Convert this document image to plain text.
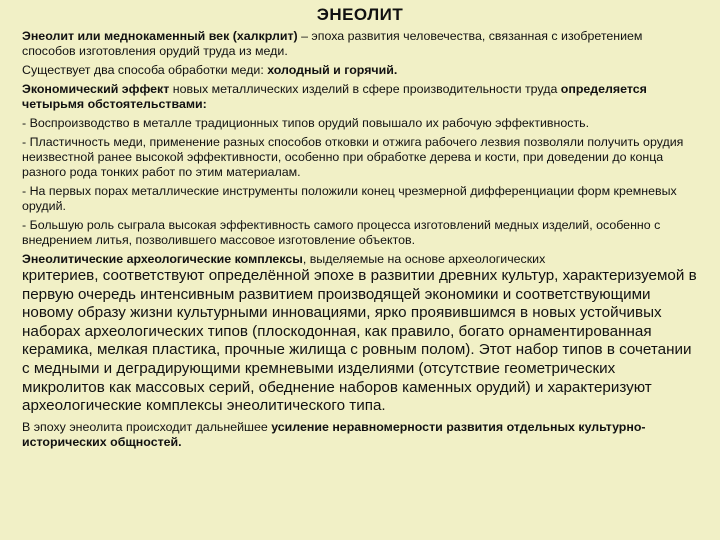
ЭНЕОЛИТ

Энеолит или меднокаменный век (халкрлит) – эпоха развития человечества, связанная с изобретением способов изготовления орудий труда из меди.

Существует два способа обработки меди: холодный и горячий.

Экономический эффект новых металлических изделий в сфере производительности труда определяется четырьмя обстоятельствами:

- Воспроизводство в металле традиционных типов орудий повышало их рабочую эффективность.

- Пластичность меди, применение разных способов отковки и отжига рабочего лезвия позволяли получить орудия неизвестной ранее высокой эффективности, особенно при обработке дерева и кости, при доведении до конца разного рода тонких работ по этим материалам.

- На первых порах металлические инструменты положили конец чрезмерной дифференциации форм кремневых орудий.

- Большую роль сыграла высокая эффективность самого процесса изготовлений медных изделий, особенно с внедрением литья, позволившего массовое изготовление объектов.

Энеолитические археологические комплексы, выделяемые на основе археологических

критериев, соответствуют определённой эпохе в развитии древних культур, характеризуемой в первую очередь интенсивным развитием производящей экономики и соответствующими новому образу жизни культурными инновациями, ярко проявившимся в новых устойчивых наборах археологических типов (плоскодонная, как правило, богато орнаментированная керамика, мелкая пластика, прочные жилища с ровным полом). Этот набор типов в сочетании с медными и деградирующими кремневыми изделиями (отсутствие геометрических микролитов как массовых серий, обеднение наборов каменных орудий) и характеризуют археологические комплексы энеолитического типа.

В эпоху энеолита происходит дальнейшее усиление неравномерности развития отдельных культурно- исторических общностей.
